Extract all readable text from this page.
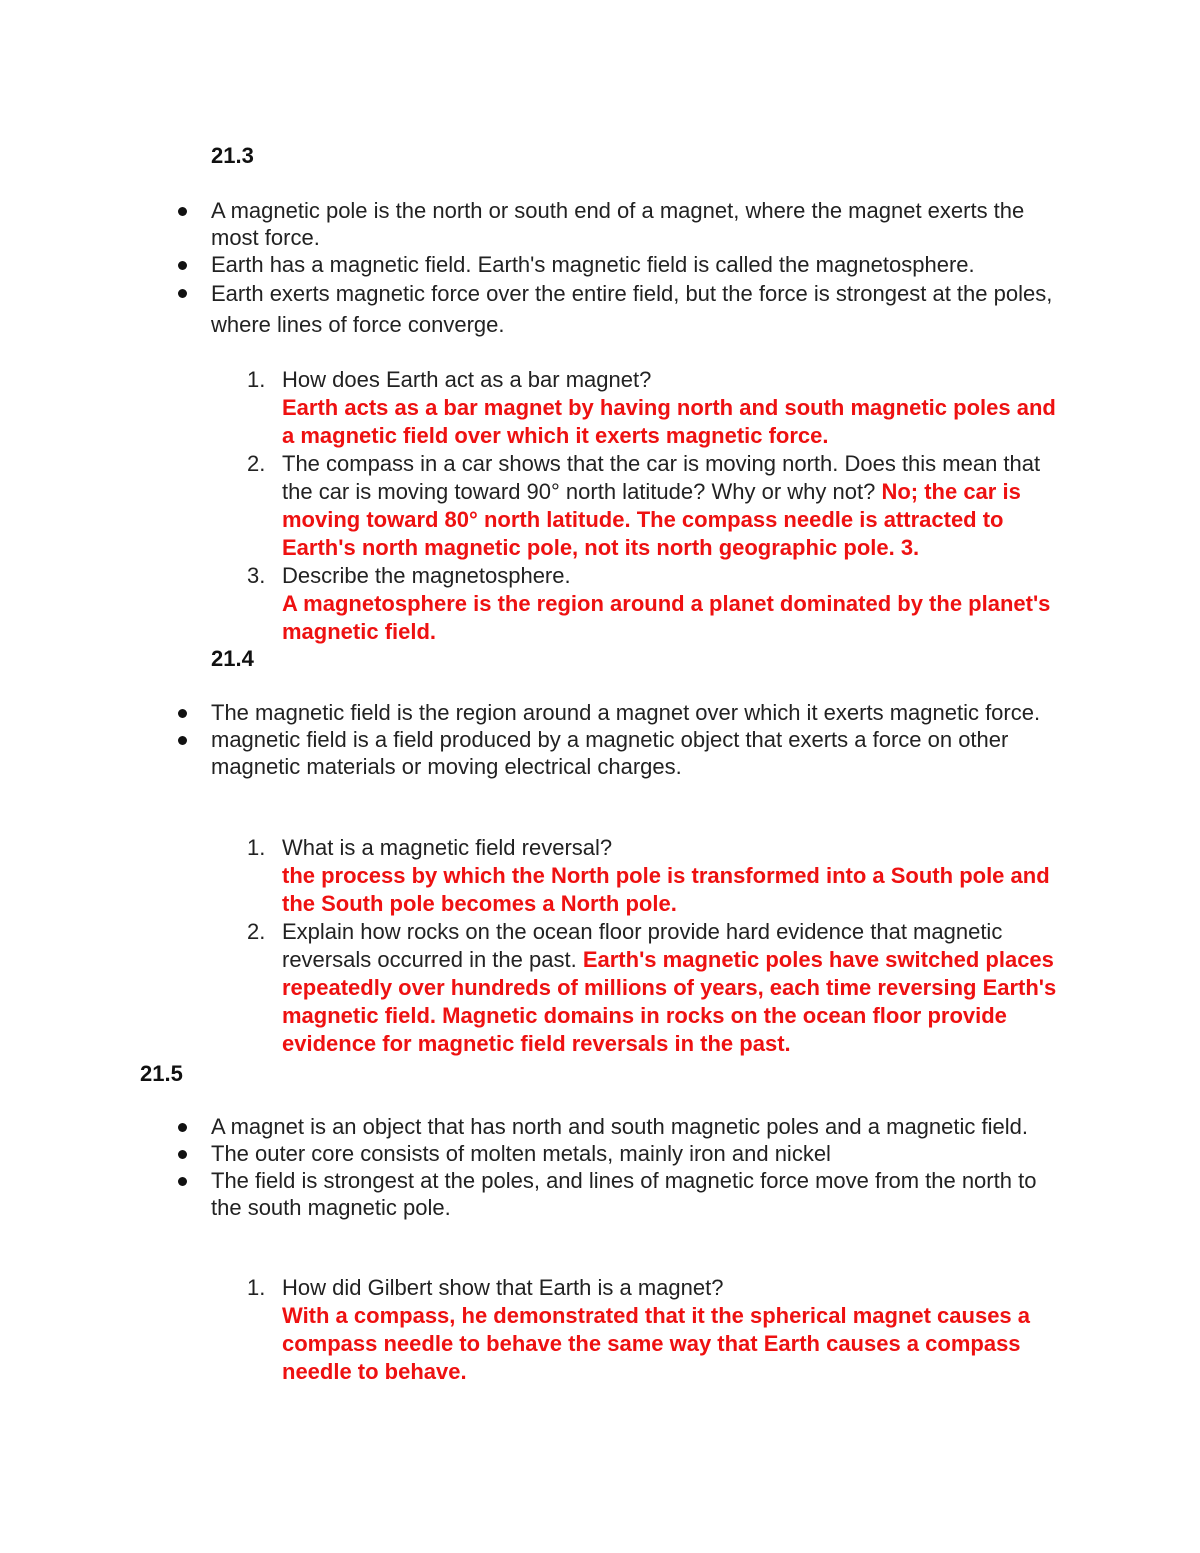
21.3
A magnetic pole is the north or south end of a magnet, where the magnet exerts the most force.
Earth has a magnetic field. Earth's magnetic field is called the magnetosphere.
Earth exerts magnetic force over the entire field, but the force is strongest at the poles, where lines of force converge.
1. How does Earth act as a bar magnet?
Earth acts as a bar magnet by having north and south magnetic poles and a magnetic field over which it exerts magnetic force.
2. The compass in a car shows that the car is moving north. Does this mean that the car is moving toward 90° north latitude? Why or why not? No; the car is moving toward 80° north latitude. The compass needle is attracted to Earth's north magnetic pole, not its north geographic pole. 3.
3. Describe the magnetosphere.
A magnetosphere is the region around a planet dominated by the planet's magnetic field.
21.4
The magnetic field is the region around a magnet over which it exerts magnetic force.
magnetic field is a field produced by a magnetic object that exerts a force on other magnetic materials or moving electrical charges.
1. What is a magnetic field reversal?
the process by which the North pole is transformed into a South pole and the South pole becomes a North pole.
2. Explain how rocks on the ocean floor provide hard evidence that magnetic reversals occurred in the past. Earth's magnetic poles have switched places repeatedly over hundreds of millions of years, each time reversing Earth's magnetic field. Magnetic domains in rocks on the ocean floor provide evidence for magnetic field reversals in the past.
21.5
A magnet is an object that has north and south magnetic poles and a magnetic field.
The outer core consists of molten metals, mainly iron and nickel
The field is strongest at the poles, and lines of magnetic force move from the north to the south magnetic pole.
1. How did Gilbert show that Earth is a magnet?
With a compass, he demonstrated that it the spherical magnet causes a compass needle to behave the same way that Earth causes a compass needle to behave.
